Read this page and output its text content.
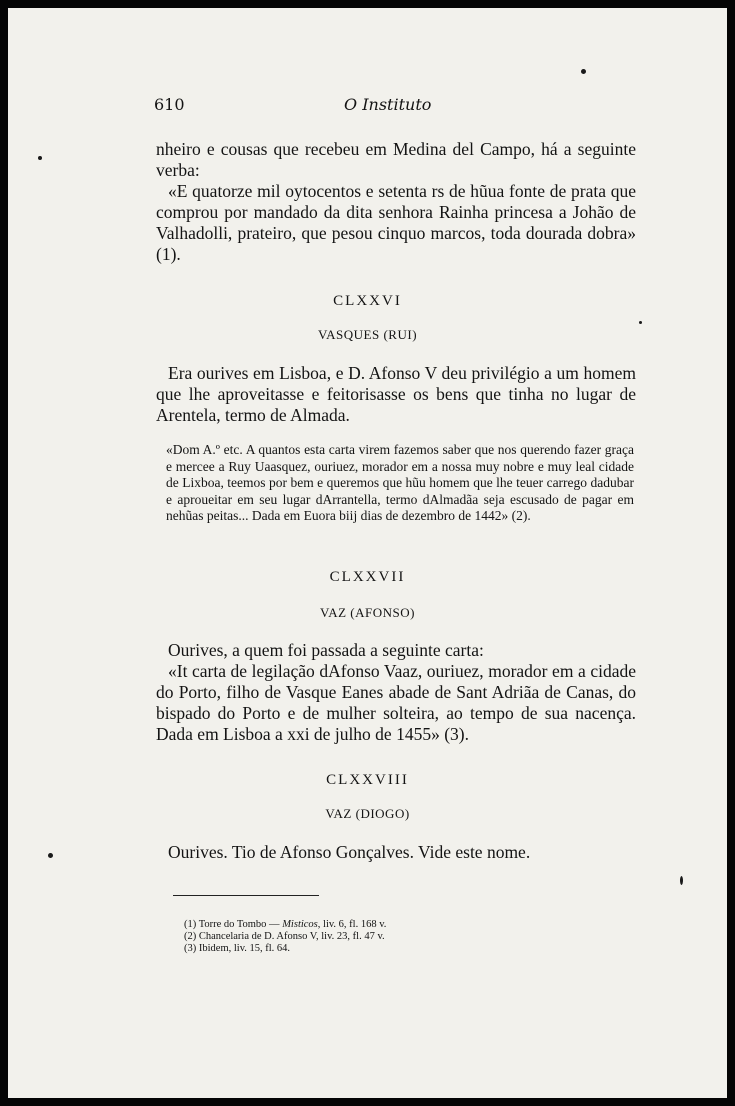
610	O Instituto

nheiro e cousas que recebeu em Medina del Campo, há a seguinte verba:

«E quatorze mil oytocentos e setenta rs de hũua fonte de prata que comprou por mandado da dita senhora Rainha princesa a Johão de Valhadolli, prateiro, que pesou cinquo marcos, toda dourada dobra» (1).

CLXXVI
VASQUES (RUI)

Era ourives em Lisboa, e D. Afonso V deu privilégio a um homem que lhe aproveitasse e feitorisasse os bens que tinha no lugar de Arentela, termo de Almada.

«Dom A.º etc. A quantos esta carta virem fazemos saber que nos querendo fazer graça e mercee a Ruy Uaasquez, ouriuez, morador em a nossa muy nobre e muy leal cidade de Lixboa, teemos por bem e queremos que hũu homem que lhe teuer carrego dadubar e aproueitar em seu lugar dArrantella, termo dAlmadãa seja escusado de pagar em nehũas peitas... Dada em Euora biij dias de dezembro de 1442» (2).

CLXXVII
VAZ (AFONSO)

Ourives, a quem foi passada a seguinte carta:

«It carta de legilação dAfonso Vaaz, ouriuez, morador em a cidade do Porto, filho de Vasque Eanes abade de Sant Adriãa de Canas, do bispado do Porto e de mulher solteira, ao tempo de sua nacença. Dada em Lisboa a xxi de julho de 1455» (3).

CLXXVIII
VAZ (DIOGO)

Ourives. Tio de Afonso Gonçalves. Vide este nome.

(1) Torre do Tombo — Misticos, liv. 6, fl. 168 v.
(2) Chancelaria de D. Afonso V, liv. 23, fl. 47 v.
(3) Ibidem, liv. 15, fl. 64.
